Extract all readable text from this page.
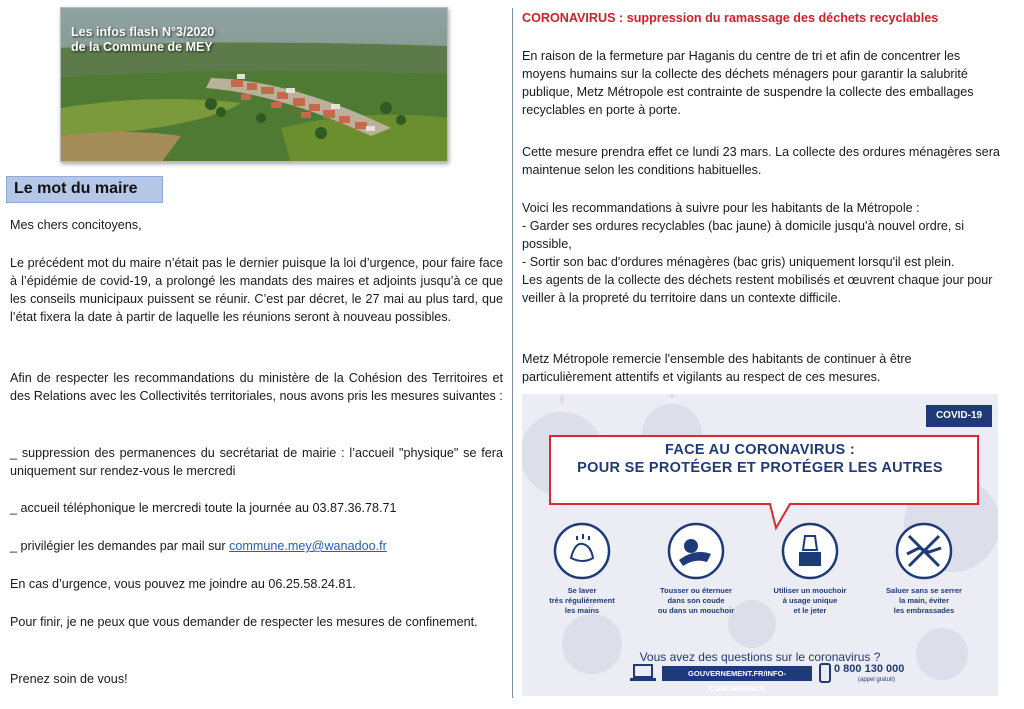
Les infos flash N°3/2020
de la Commune de MEY
Le mot du maire

Mes chers concitoyens,

Le précédent mot du maire n’était pas le dernier puisque la loi d’urgence, pour faire face à l’épidémie de covid-19, a prolongé les mandats des maires et adjoints jusqu’à ce que les conseils municipaux puissent se réunir. C’est par décret, le 27 mai au plus tard, que l’état fixera la date à partir de laquelle les réunions seront à nouveau possibles.

Afin de respecter les recommandations du ministère de la Cohésion des Territoires et des Relations avec les Collectivités territoriales, nous avons pris les mesures suivantes :

_ suppression des permanences du secrétariat de mairie : l’accueil "physique" se fera uniquement sur rendez-vous le mercredi

_ accueil téléphonique le mercredi toute la journée au 03.87.36.78.71

_ privilégier les demandes par mail sur commune.mey@wanadoo.fr

En cas d’urgence, vous pouvez me joindre au 06.25.58.24.81.

Pour finir, je ne peux que vous demander de respecter les mesures de confinement.

Prenez soin de vous!

CORONAVIRUS : suppression du ramassage des déchets recyclables

En raison de la fermeture par Haganis du centre de tri et afin de concentrer les moyens humains sur la collecte des déchets ménagers pour garantir la salubrité publique, Metz Métropole est contrainte de suspendre la collecte des emballages recyclables en porte à porte.

Cette mesure prendra effet ce lundi 23 mars. La collecte des ordures ménagères sera maintenue selon les conditions habituelles.

Voici les recommandations à suivre pour les habitants de la Métropole :
- Garder ses ordures recyclables (bac jaune) à domicile jusqu'à nouvel ordre, si possible,
- Sortir son bac d'ordures ménagères (bac gris) uniquement lorsqu'il est plein.
Les agents de la collecte des déchets restent mobilisés et œuvrent chaque jour pour veiller à la propreté du territoire dans un contexte difficile.

Metz Métropole remercie l'ensemble des habitants de continuer à être particulièrement attentifs et vigilants au respect de ces mesures.

COVID-19
FACE AU CORONAVIRUS :
POUR SE PROTÉGER ET PROTÉGER LES AUTRES
Se laver
très régulièrement
les mains
Tousser ou éternuer
dans son coude
ou dans un mouchoir
Utiliser un mouchoir
à usage unique
et le jeter
Saluer sans se serrer
la main, éviter
les embrassades
Vous avez des questions sur le coronavirus ?
GOUVERNEMENT.FR/INFO-CORONAVIRUS
0 800 130 000
(appel gratuit)
